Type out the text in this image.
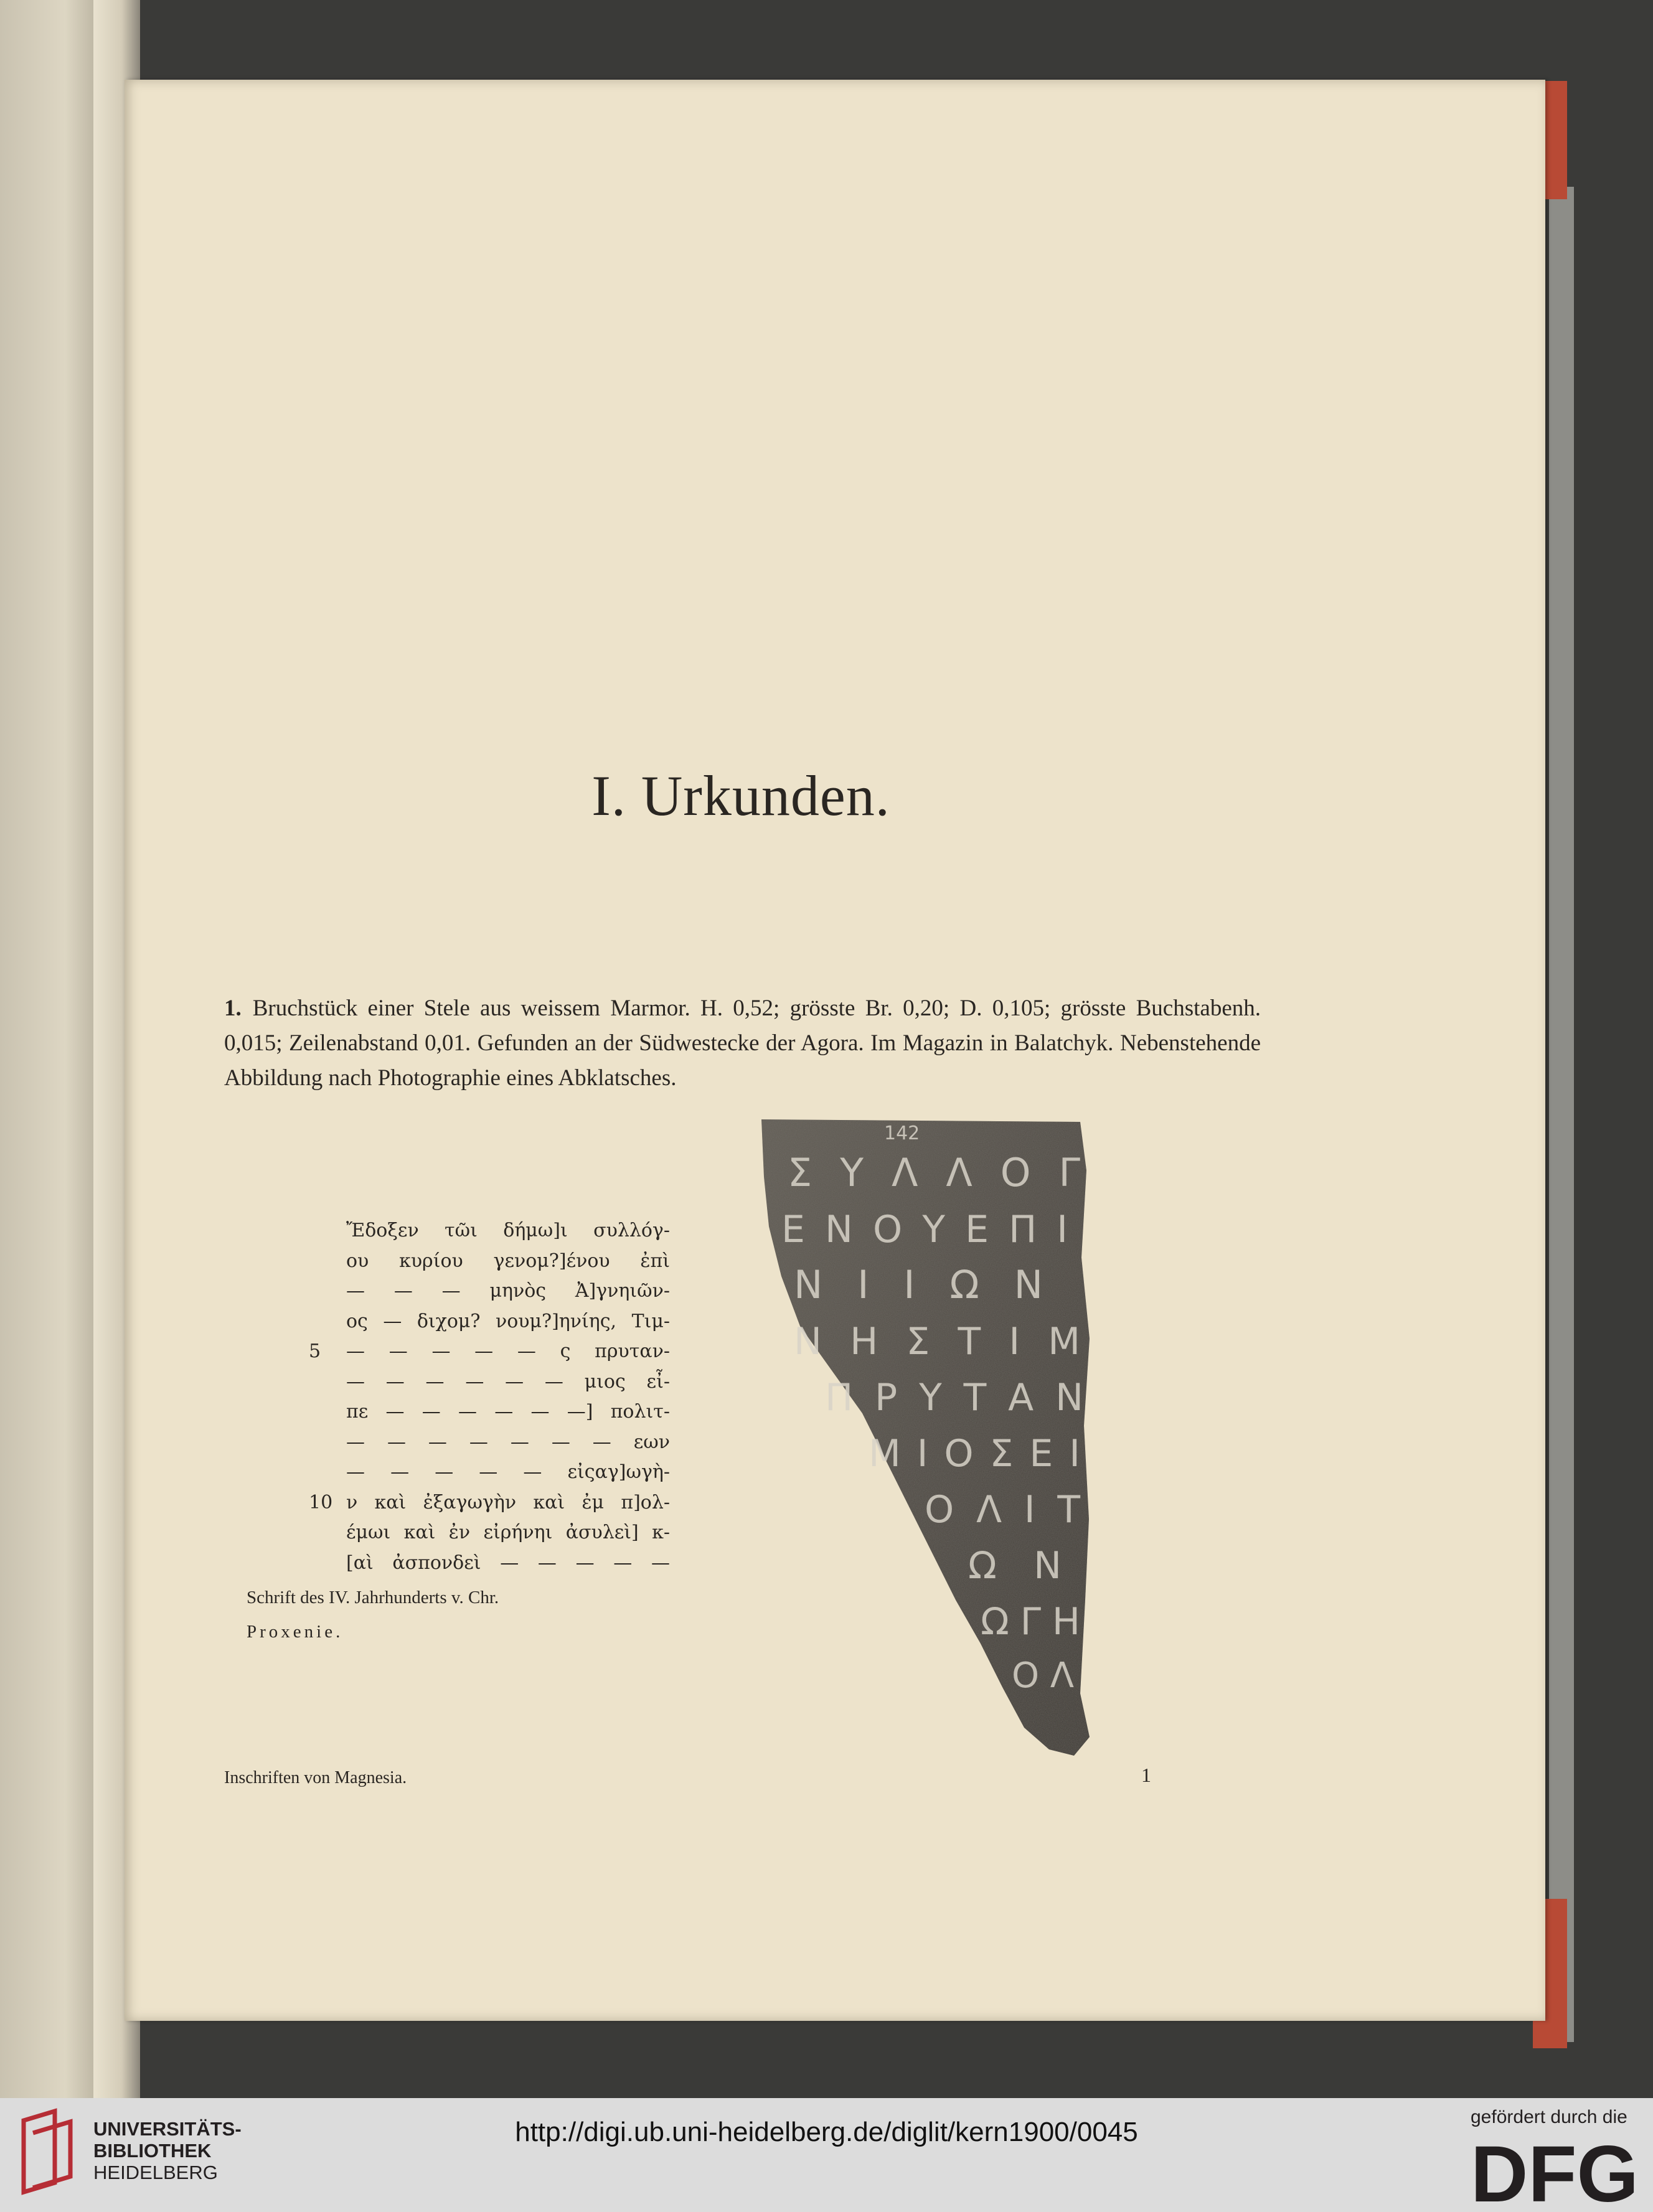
I. Urkunden.
1. Bruchstück einer Stele aus weissem Marmor. H. 0,52; grösste Br. 0,20; D. 0,105; grösste Buchstabenh. 0,015; Zeilenabstand 0,01. Gefunden an der Südwestecke der Agora. Im Magazin in Balatchyk. Nebenstehende Abbildung nach Photographie eines Abklatsches.
Ἔδοξεν τῶι δήμω]ι συλλόγ-
ου κυρίου γενομ?]ένου ἐπὶ
— — — μηνὸς Ἀ]γνηιῶν-
ος — διχομ? νουμ?]ηνίης, Τιμ-
5	— — — — — ς πρυταν-
— — — — — — μιος εἶ-
πε — — — — — —] πολιτ-
— — — — — — — εων
— — — — — εἰςαγ]ωγὴ-
10 ν καὶ ἐξαγωγὴν καὶ ἐμ π]ολ-
έμωι καὶ ἐν εἰρήνηι ἀσυλεὶ] κ-
[αὶ ἀσπονδεὶ — — — — —
Schrift des IV. Jahrhunderts v. Chr.
Proxenie.
142
ΣΥΛΛΟΓ
ΕΝΟΥΕΠΙ
ΝΙΙΩΝ
ΝΗΣΤΙΜ
ΠΡΥΤΑΝ
ΜΙΟΣΕΙ
ΟΛΙΤ
ΩΝ
ΩΓΗ
ΟΛ
Inschriften von Magnesia.	1
UNIVERSITÄTS-
BIBLIOTHEK
HEIDELBERG
http://digi.ub.uni-heidelberg.de/diglit/kern1900/0045	gefördert durch die
DFG
